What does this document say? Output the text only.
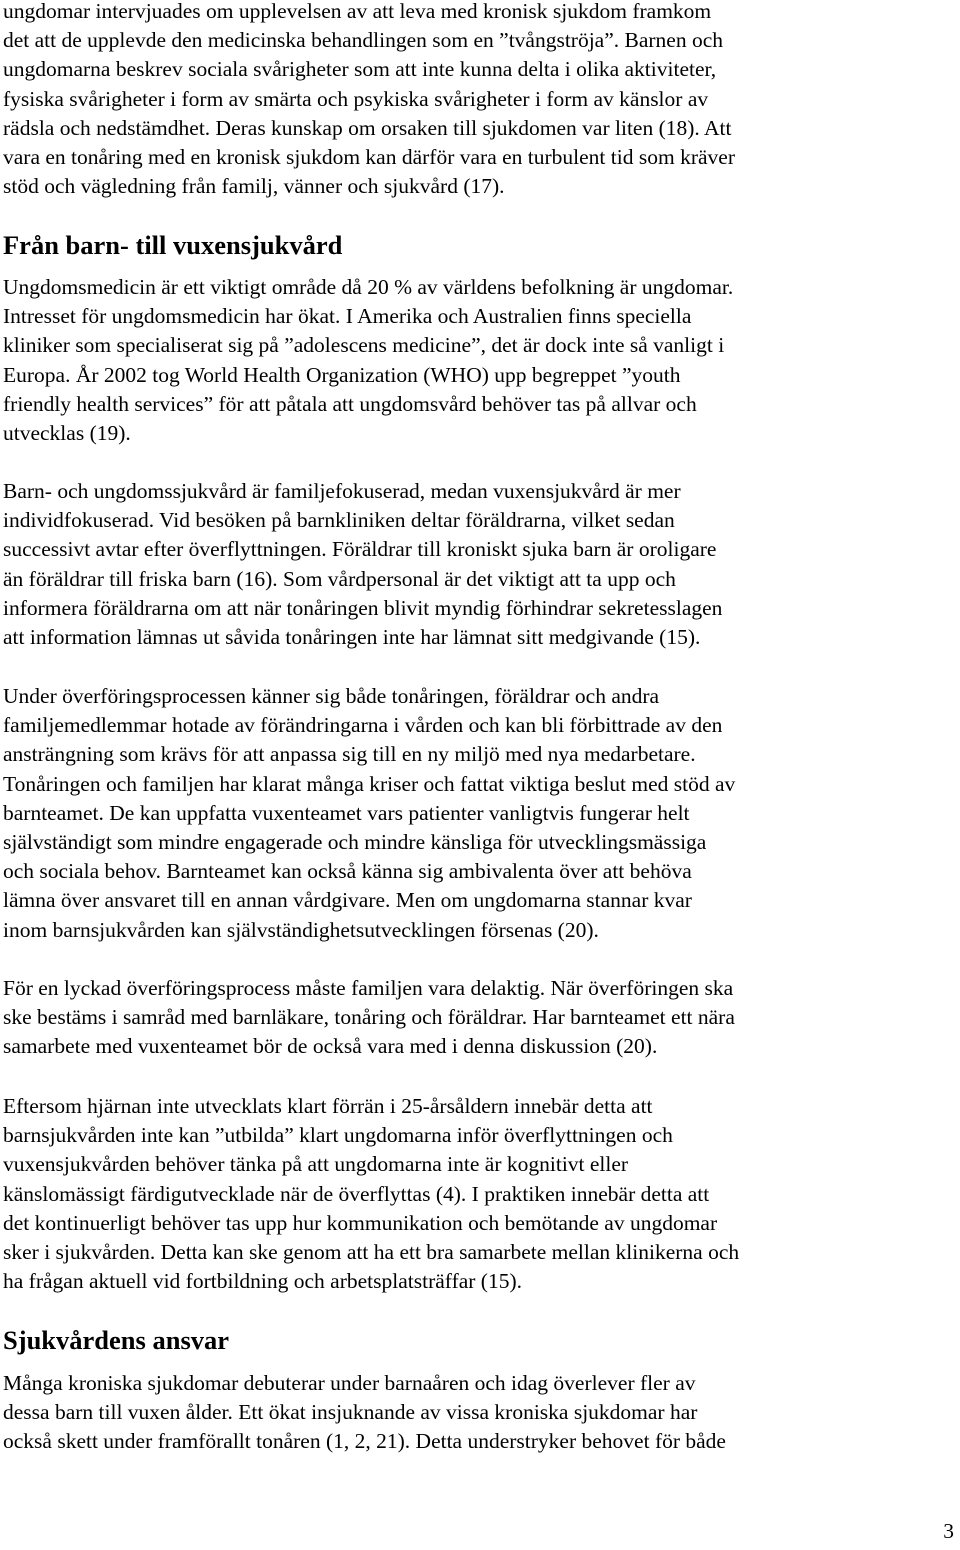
ungdomar intervjuades om upplevelsen av att leva med kronisk sjukdom framkom
det att de upplevde den medicinska behandlingen som en ”tvångströja”. Barnen och
ungdomarna beskrev sociala svårigheter som att inte kunna delta i olika aktiviteter,
fysiska svårigheter i form av smärta och psykiska svårigheter i form av känslor av
rädsla och nedstämdhet. Deras kunskap om orsaken till sjukdomen var liten (18). Att
vara en tonåring med en kronisk sjukdom kan därför vara en turbulent tid som kräver
stöd och vägledning från familj, vänner och sjukvård (17).

Från barn- till vuxensjukvård

Ungdomsmedicin är ett viktigt område då 20 % av världens befolkning är ungdomar.
Intresset för ungdomsmedicin har ökat. I Amerika och Australien finns speciella
kliniker som specialiserat sig på ”adolescens medicine”, det är dock inte så vanligt i
Europa. År 2002 tog World Health Organization (WHO) upp begreppet ”youth
friendly health services” för att påtala att ungdomsvård behöver tas på allvar och
utvecklas (19).

Barn- och ungdomssjukvård är familjefokuserad, medan vuxensjukvård är mer
individfokuserad. Vid besöken på barnkliniken deltar föräldrarna, vilket sedan
successivt avtar efter överflyttningen. Föräldrar till kroniskt sjuka barn är oroligare
än föräldrar till friska barn (16). Som vårdpersonal är det viktigt att ta upp och
informera föräldrarna om att när tonåringen blivit myndig förhindrar sekretesslagen
att information lämnas ut såvida tonåringen inte har lämnat sitt medgivande (15).

Under överföringsprocessen känner sig både tonåringen, föräldrar och andra
familjemedlemmar hotade av förändringarna i vården och kan bli förbittrade av den
ansträngning som krävs för att anpassa sig till en ny miljö med nya medarbetare.
Tonåringen och familjen har klarat många kriser och fattat viktiga beslut med stöd av
barnteamet. De kan uppfatta vuxenteamet vars patienter vanligtvis fungerar helt
självständigt som mindre engagerade och mindre känsliga för utvecklingsmässiga
och sociala behov. Barnteamet kan också känna sig ambivalenta över att behöva
lämna över ansvaret till en annan vårdgivare. Men om ungdomarna stannar kvar
inom barnsjukvården kan självständighetsutvecklingen försenas (20).

För en lyckad överföringsprocess måste familjen vara delaktig. När överföringen ska
ske bestäms i samråd med barnläkare, tonåring och föräldrar. Har barnteamet ett nära
samarbete med vuxenteamet bör de också vara med i denna diskussion (20).

Eftersom hjärnan inte utvecklats klart förrän i 25-årsåldern innebär detta att
barnsjukvården inte kan ”utbilda” klart ungdomarna inför överflyttningen och
vuxensjukvården behöver tänka på att ungdomarna inte är kognitivt eller
känslomässigt färdigutvecklade när de överflyttas (4). I praktiken innebär detta att
det kontinuerligt behöver tas upp hur kommunikation och bemötande av ungdomar
sker i sjukvården. Detta kan ske genom att ha ett bra samarbete mellan klinikerna och
ha frågan aktuell vid fortbildning och arbetsplatsträffar (15).

Sjukvårdens ansvar

Många kroniska sjukdomar debuterar under barnaåren och idag överlever fler av
dessa barn till vuxen ålder. Ett ökat insjuknande av vissa kroniska sjukdomar har
också skett under framförallt tonåren (1, 2, 21). Detta understryker behovet för både

3
